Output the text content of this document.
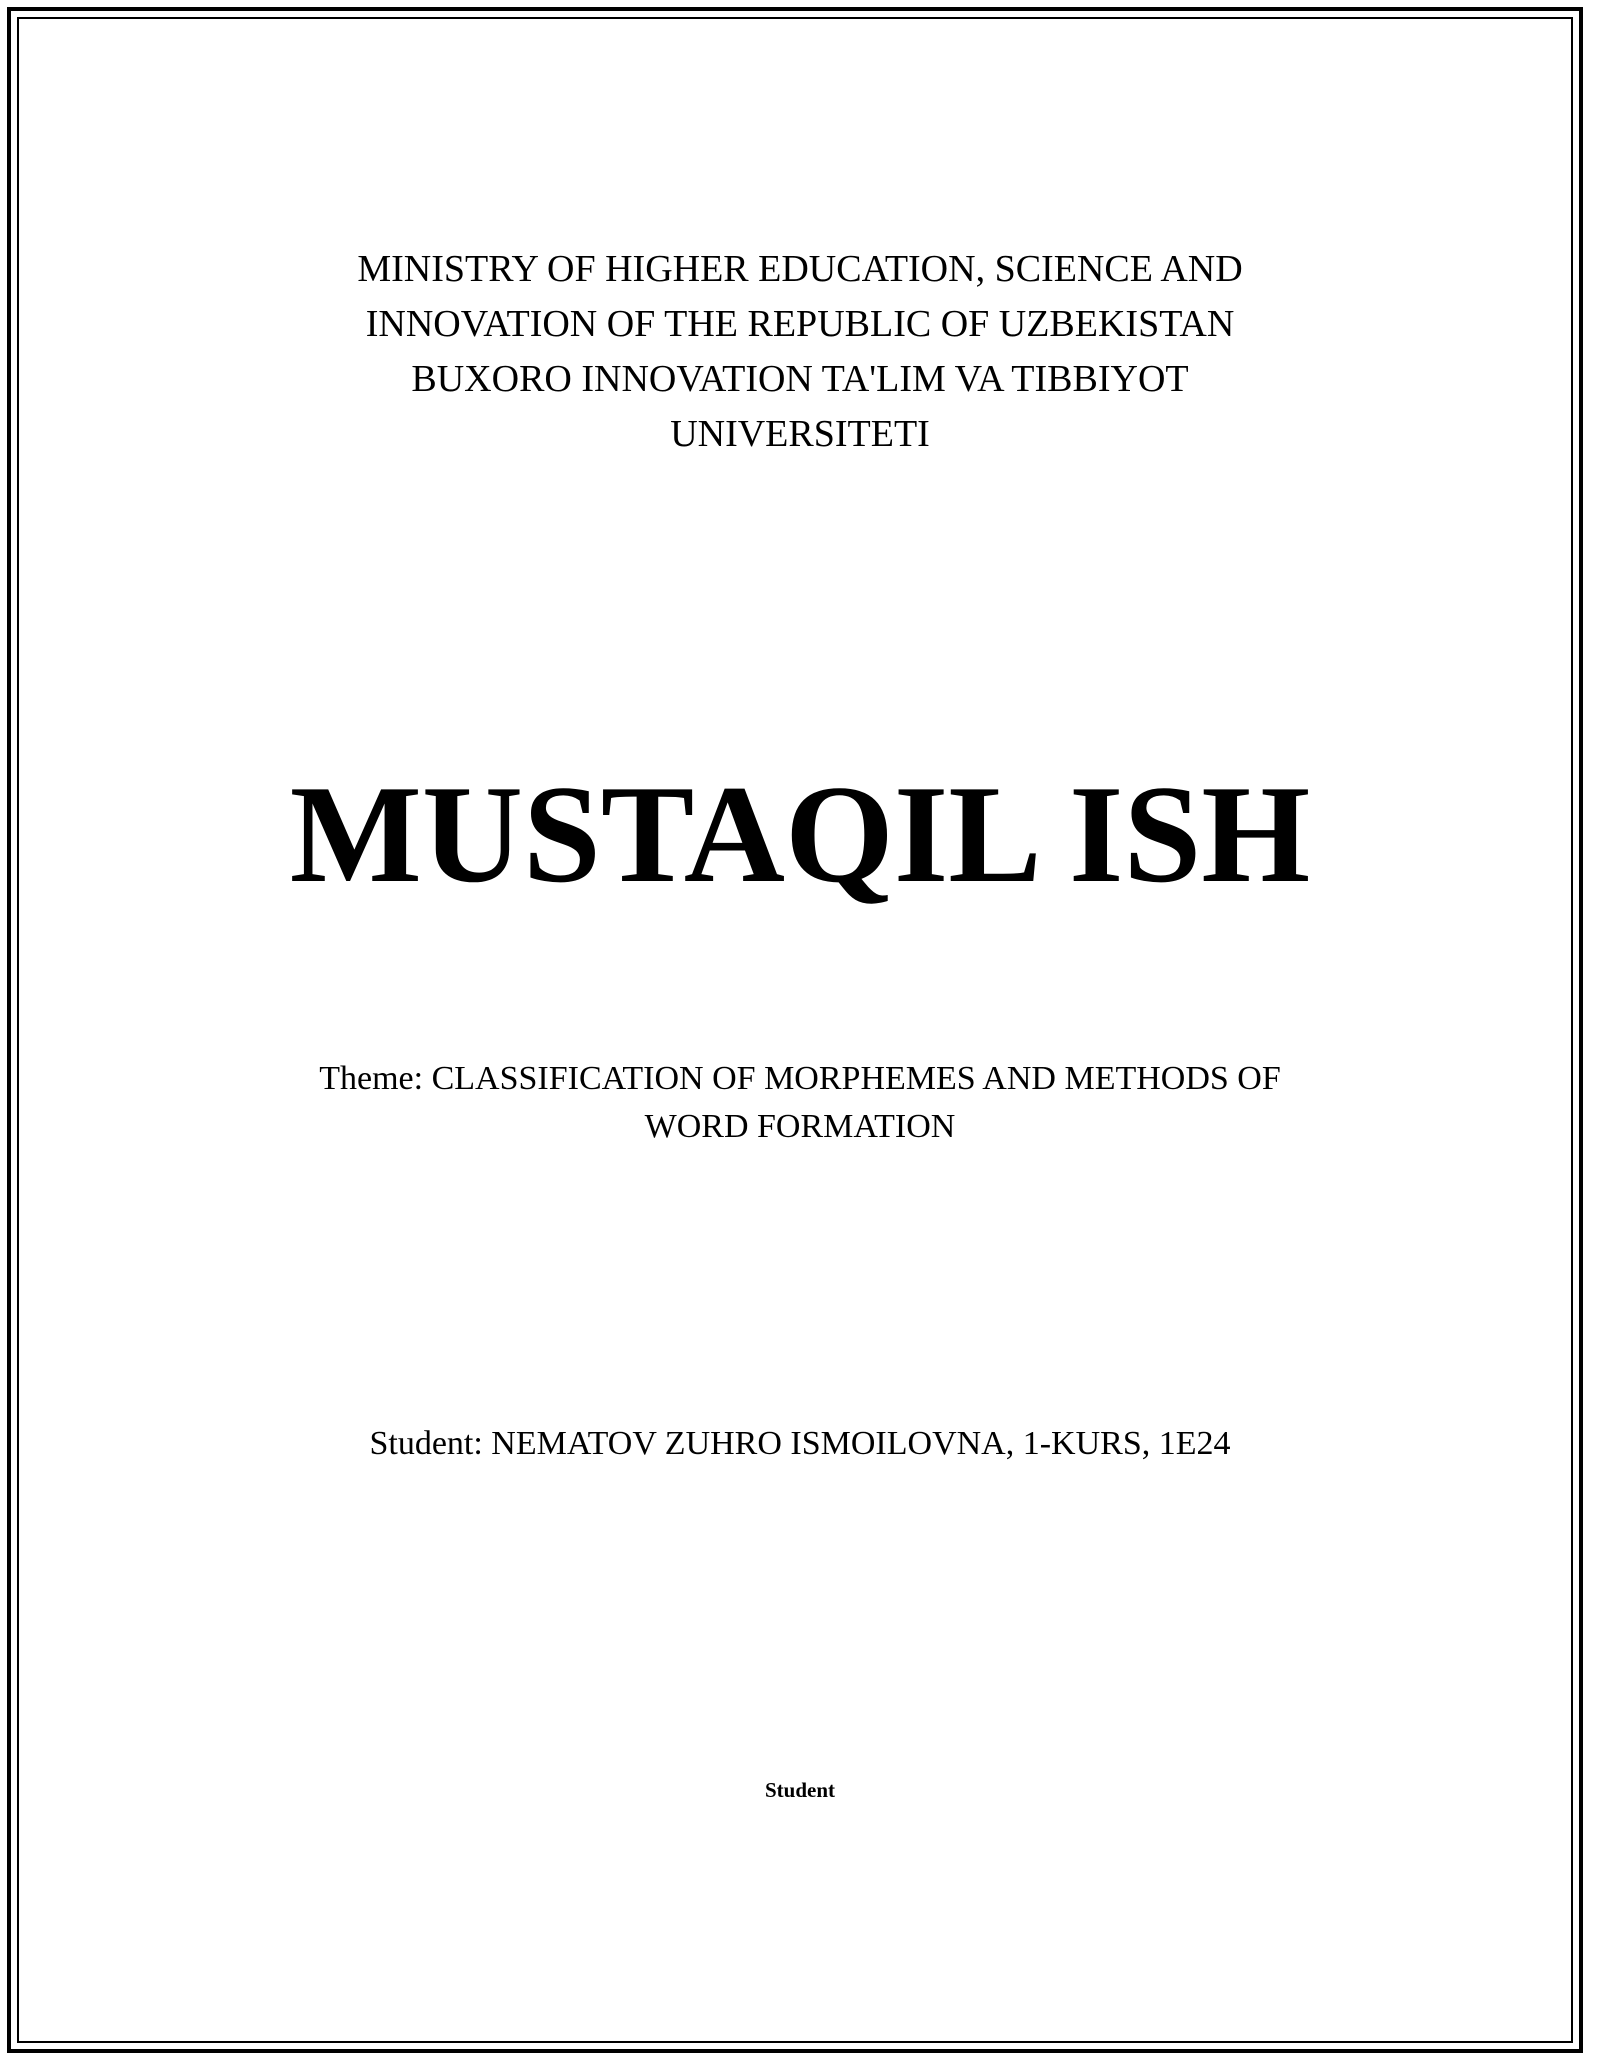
MINISTRY OF HIGHER EDUCATION, SCIENCE AND
INNOVATION OF THE REPUBLIC OF UZBEKISTAN
BUXORO INNOVATION TA'LIM VA TIBBIYOT
UNIVERSITETI
MUSTAQIL ISH
Theme: CLASSIFICATION OF MORPHEMES AND METHODS OF
WORD FORMATION
Student: NEMATOV ZUHRO ISMOILOVNA, 1-KURS, 1E24
Student
